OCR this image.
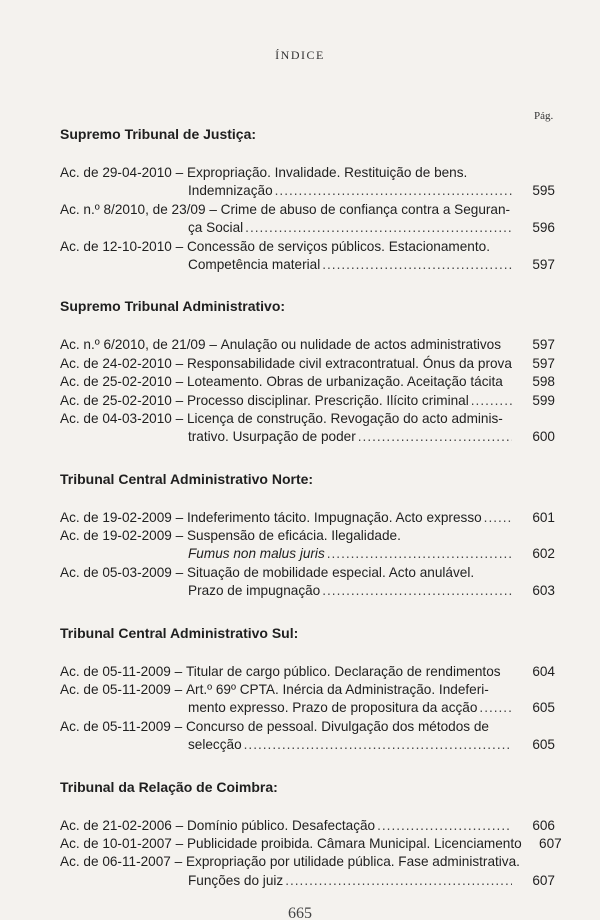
ÍNDICE
Pág.
Supremo Tribunal de Justiça:
Ac. de 29-04-2010 – Expropriação. Invalidade. Restituição de bens.
Indemnização .....	595
Ac. n.º 8/2010, de 23/09 – Crime de abuso de confiança contra a Seguran-
ça Social .....	596
Ac. de 12-10-2010 – Concessão de serviços públicos. Estacionamento.
Competência material .....	597
Supremo Tribunal Administrativo:
Ac. n.º 6/2010, de 21/09 – Anulação ou nulidade de actos administrativos	597
Ac. de 24-02-2010 – Responsabilidade civil extracontratual. Ónus da prova	597
Ac. de 25-02-2010 – Loteamento. Obras de urbanização. Aceitação tácita	598
Ac. de 25-02-2010 – Processo disciplinar. Prescrição. Ilícito criminal .....	599
Ac. de 04-03-2010 – Licença de construção. Revogação do acto adminis-
trativo. Usurpação de poder .....	600
Tribunal Central Administrativo Norte:
Ac. de 19-02-2009 – Indeferimento tácito. Impugnação. Acto expresso .....	601
Ac. de 19-02-2009 – Suspensão de eficácia. Ilegalidade.
Fumus non malus juris .....	602
Ac. de 05-03-2009 – Situação de mobilidade especial. Acto anulável.
Prazo de impugnação .....	603
Tribunal Central Administrativo Sul:
Ac. de 05-11-2009 – Titular de cargo público. Declaração de rendimentos	604
Ac. de 05-11-2009 – Art.º 69º CPTA. Inércia da Administração. Indeferi-
mento expresso. Prazo de propositura da acção .....	605
Ac. de 05-11-2009 – Concurso de pessoal. Divulgação dos métodos de
selecção .....	605
Tribunal da Relação de Coimbra:
Ac. de 21-02-2006 – Domínio público. Desafectação .....	606
Ac. de 10-01-2007 – Publicidade proibida. Câmara Municipal. Licenciamento	607
Ac. de 06-11-2007 – Expropriação por utilidade pública. Fase administrativa.
Funções do juiz .....	607
665
